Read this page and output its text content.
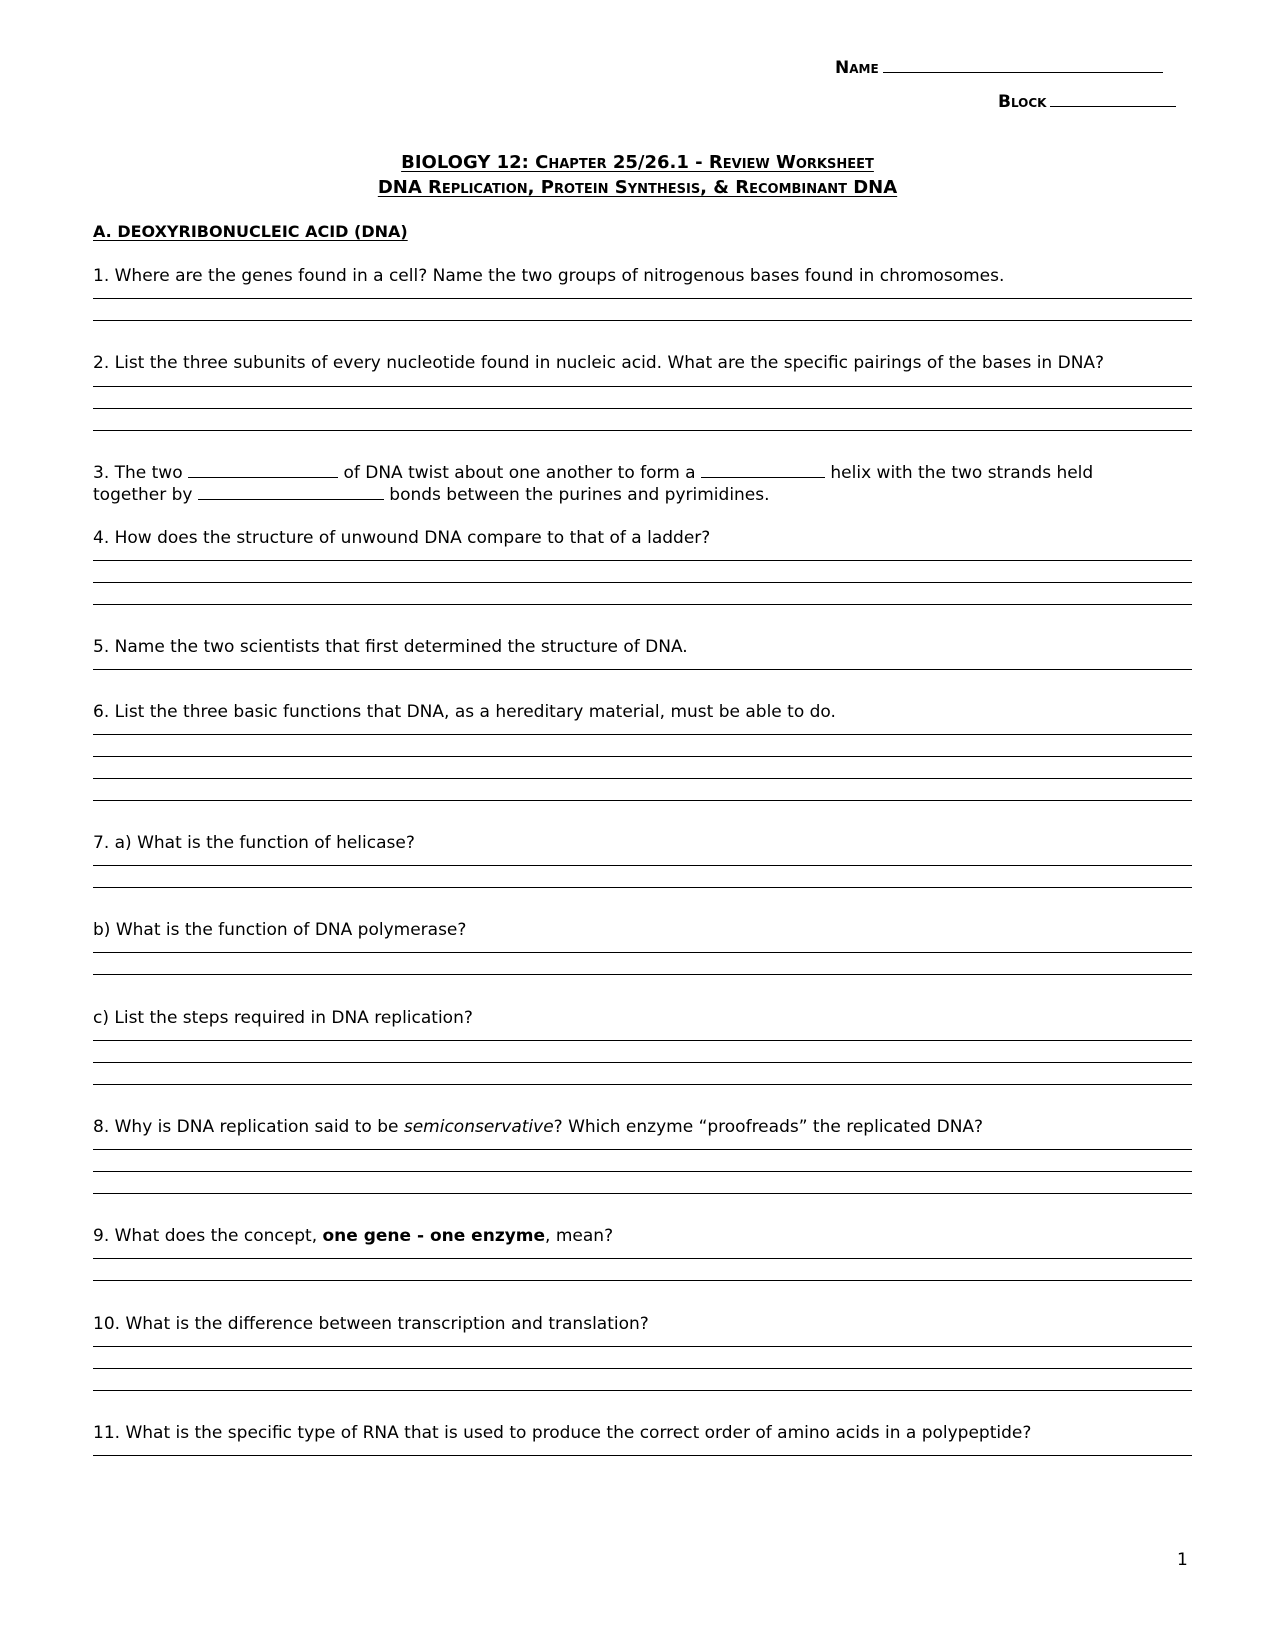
Name
Block
BIOLOGY 12: Chapter 25/26.1 - Review Worksheet
DNA Replication, Protein Synthesis, & Recombinant DNA
A. DEOXYRIBONUCLEIC ACID (DNA)
1. Where are the genes found in a cell? Name the two groups of nitrogenous bases found in chromosomes.
2. List the three subunits of every nucleotide found in nucleic acid. What are the specific pairings of the bases in DNA?
3. The two	of DNA twist about one another to form a	helix with the two strands held
together by	bonds between the purines and pyrimidines.
4. How does the structure of unwound DNA compare to that of a ladder?
5. Name the two scientists that first determined the structure of DNA.
6. List the three basic functions that DNA, as a hereditary material, must be able to do.
7. a) What is the function of helicase?
b) What is the function of DNA polymerase?
c) List the steps required in DNA replication?
8. Why is DNA replication said to be semiconservative? Which enzyme “proofreads” the replicated DNA?
9. What does the concept, one gene - one enzyme, mean?
10. What is the difference between transcription and translation?
11. What is the specific type of RNA that is used to produce the correct order of amino acids in a polypeptide?
1
